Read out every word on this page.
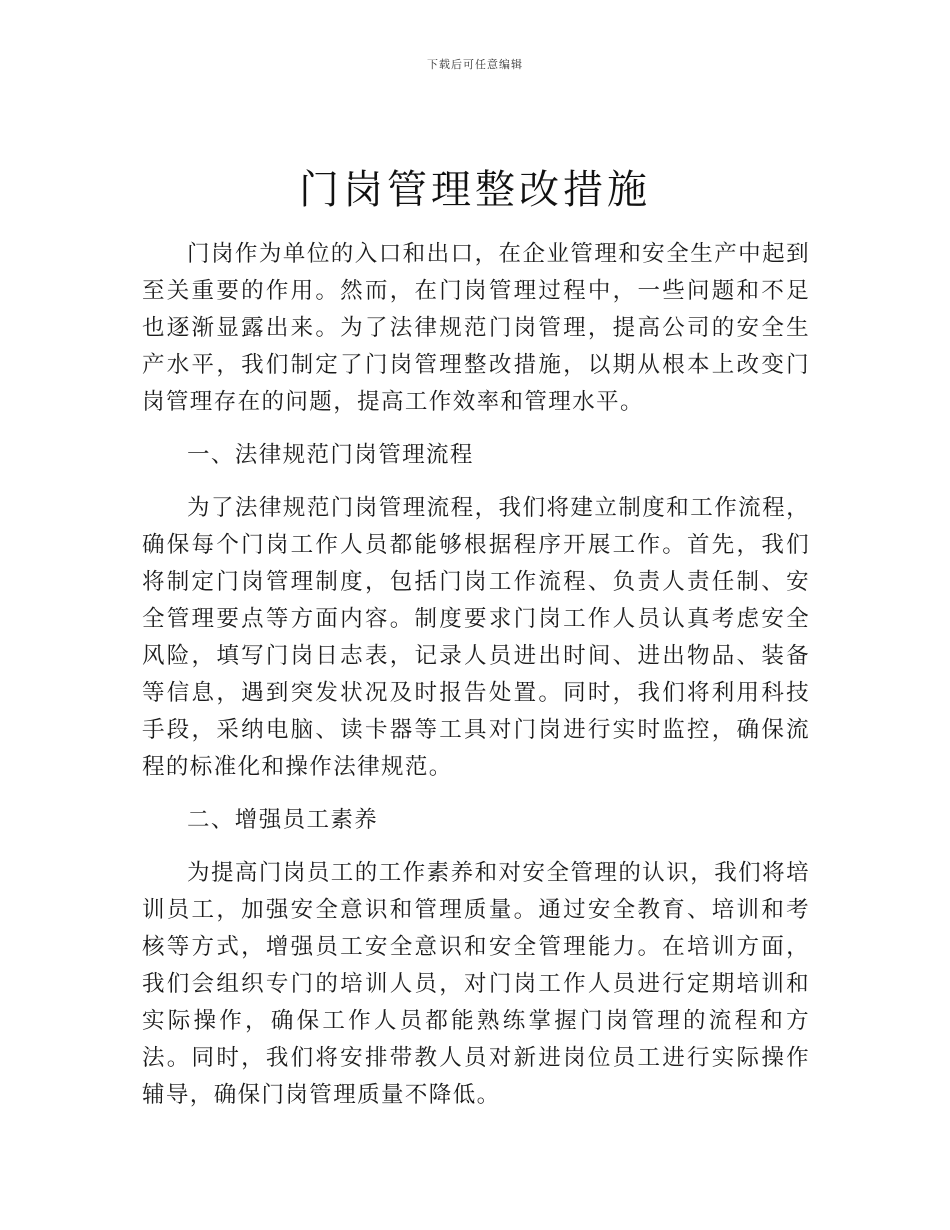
下载后可任意编辑
门岗管理整改措施

门岗作为单位的入口和出口，在企业管理和安全生产中起到至关重要的作用。然而，在门岗管理过程中，一些问题和不足也逐渐显露出来。为了法律规范门岗管理，提高公司的安全生产水平，我们制定了门岗管理整改措施，以期从根本上改变门岗管理存在的问题，提高工作效率和管理水平。

一、法律规范门岗管理流程

为了法律规范门岗管理流程，我们将建立制度和工作流程，确保每个门岗工作人员都能够根据程序开展工作。首先，我们将制定门岗管理制度，包括门岗工作流程、负责人责任制、安全管理要点等方面内容。制度要求门岗工作人员认真考虑安全风险，填写门岗日志表，记录人员进出时间、进出物品、装备等信息，遇到突发状况及时报告处置。同时，我们将利用科技手段，采纳电脑、读卡器等工具对门岗进行实时监控，确保流程的标准化和操作法律规范。

二、增强员工素养

为提高门岗员工的工作素养和对安全管理的认识，我们将培训员工，加强安全意识和管理质量。通过安全教育、培训和考核等方式，增强员工安全意识和安全管理能力。在培训方面，我们会组织专门的培训人员，对门岗工作人员进行定期培训和实际操作，确保工作人员都能熟练掌握门岗管理的流程和方法。同时，我们将安排带教人员对新进岗位员工进行实际操作辅导，确保门岗管理质量不降低。
